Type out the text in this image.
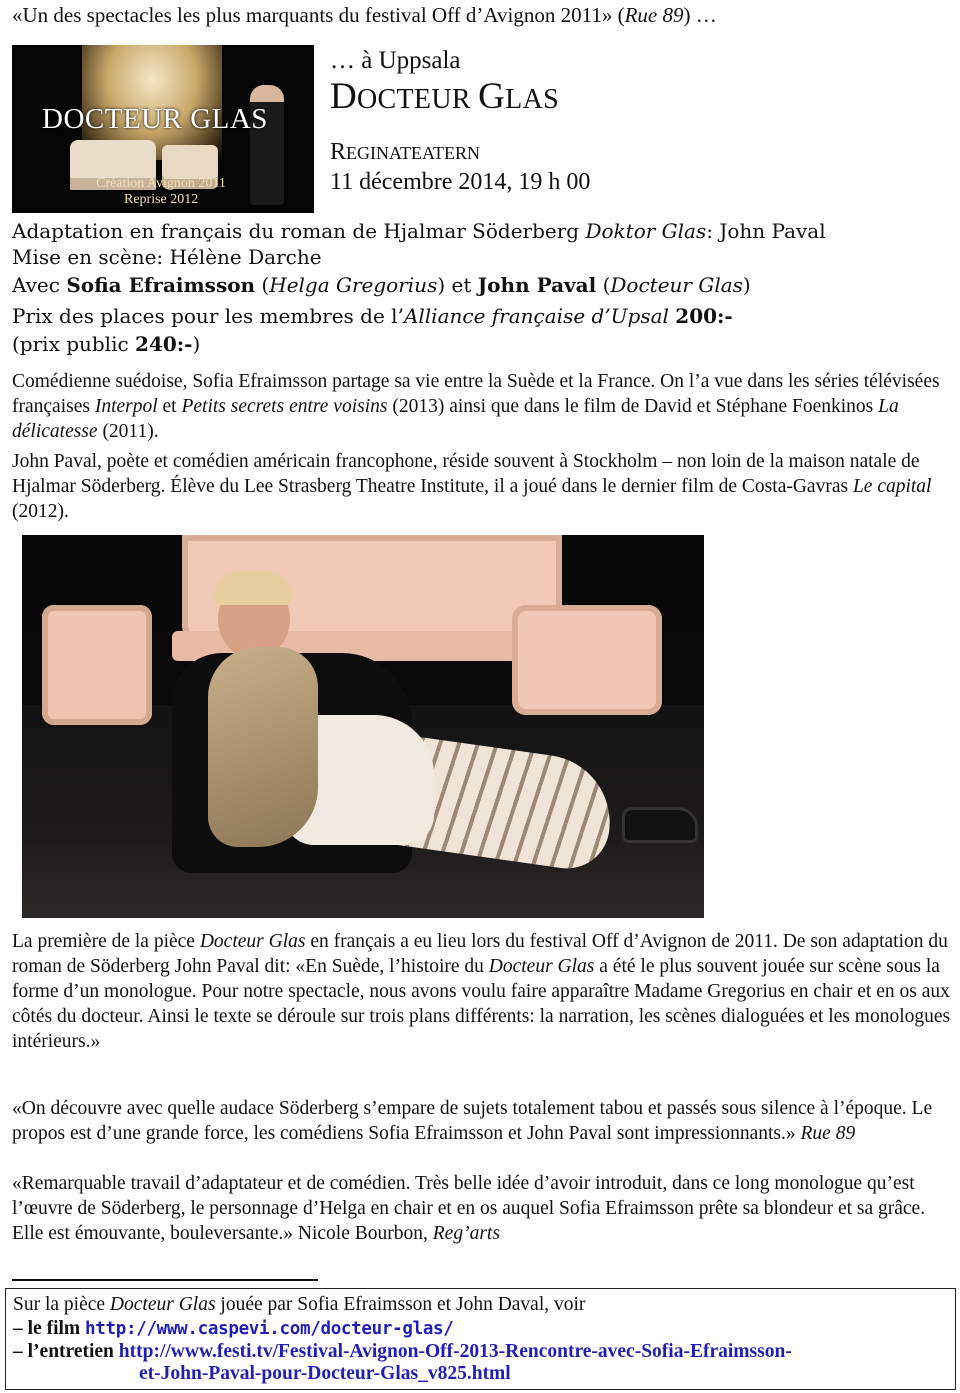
«Un des spectacles les plus marquants du festival Off d’Avignon 2011» (Rue 89) …

DOCTEUR GLAS
Création Avignon 2011
Reprise 2012

… à Uppsala

DOCTEUR GLAS

REGINATEATERN

11 décembre 2014, 19 h 00

Adaptation en français du roman de Hjalmar Söderberg Doktor Glas: John Paval

Mise en scène: Hélène Darche

Avec Sofia Efraimsson (Helga Gregorius) et John Paval (Docteur Glas)

Prix des places pour les membres de l’Alliance française d’Upsal 200:-

(prix public 240:-)

Comédienne suédoise, Sofia Efraimsson partage sa vie entre la Suède et la France. On l’a vue dans les séries télévisées françaises Interpol et Petits secrets entre voisins (2013) ainsi que dans le film de David et Stéphane Foenkinos La délicatesse (2011).

John Paval, poète et comédien américain francophone, réside souvent à Stockholm – non loin de la maison natale de Hjalmar Söderberg. Élève du Lee Strasberg Theatre Institute, il a joué dans le dernier film de Costa-Gavras Le capital (2012).

La première de la pièce Docteur Glas en français a eu lieu lors du festival Off d’Avignon de 2011. De son adaptation du roman de Söderberg John Paval dit: «En Suède, l’histoire du Docteur Glas a été le plus souvent jouée sur scène sous la forme d’un monologue. Pour notre spectacle, nous avons voulu faire apparaître Madame Gregorius en chair et en os aux côtés du docteur. Ainsi le texte se déroule sur trois plans différents: la narration, les scènes dialoguées et les monologues intérieurs.»

«On découvre avec quelle audace Söderberg s’empare de sujets totalement tabou et passés sous silence à l’époque. Le propos est d’une grande force, les comédiens Sofia Efraimsson et John Paval sont impressionnants.» Rue 89

«Remarquable travail d’adaptateur et de comédien. Très belle idée d’avoir introduit, dans ce long monologue qu’est l’œuvre de Söderberg, le personnage d’Helga en chair et en os auquel Sofia Efraimsson prête sa blondeur et sa grâce. Elle est émouvante, bouleversante.» Nicole Bourbon, Reg’arts

Sur la pièce Docteur Glas jouée par Sofia Efraimsson et John Daval, voir

– le film http://www.caspevi.com/docteur-glas/

– l’entretien http://www.festi.tv/Festival-Avignon-Off-2013-Rencontre-avec-Sofia-Efraimsson-

et-John-Paval-pour-Docteur-Glas_v825.html
